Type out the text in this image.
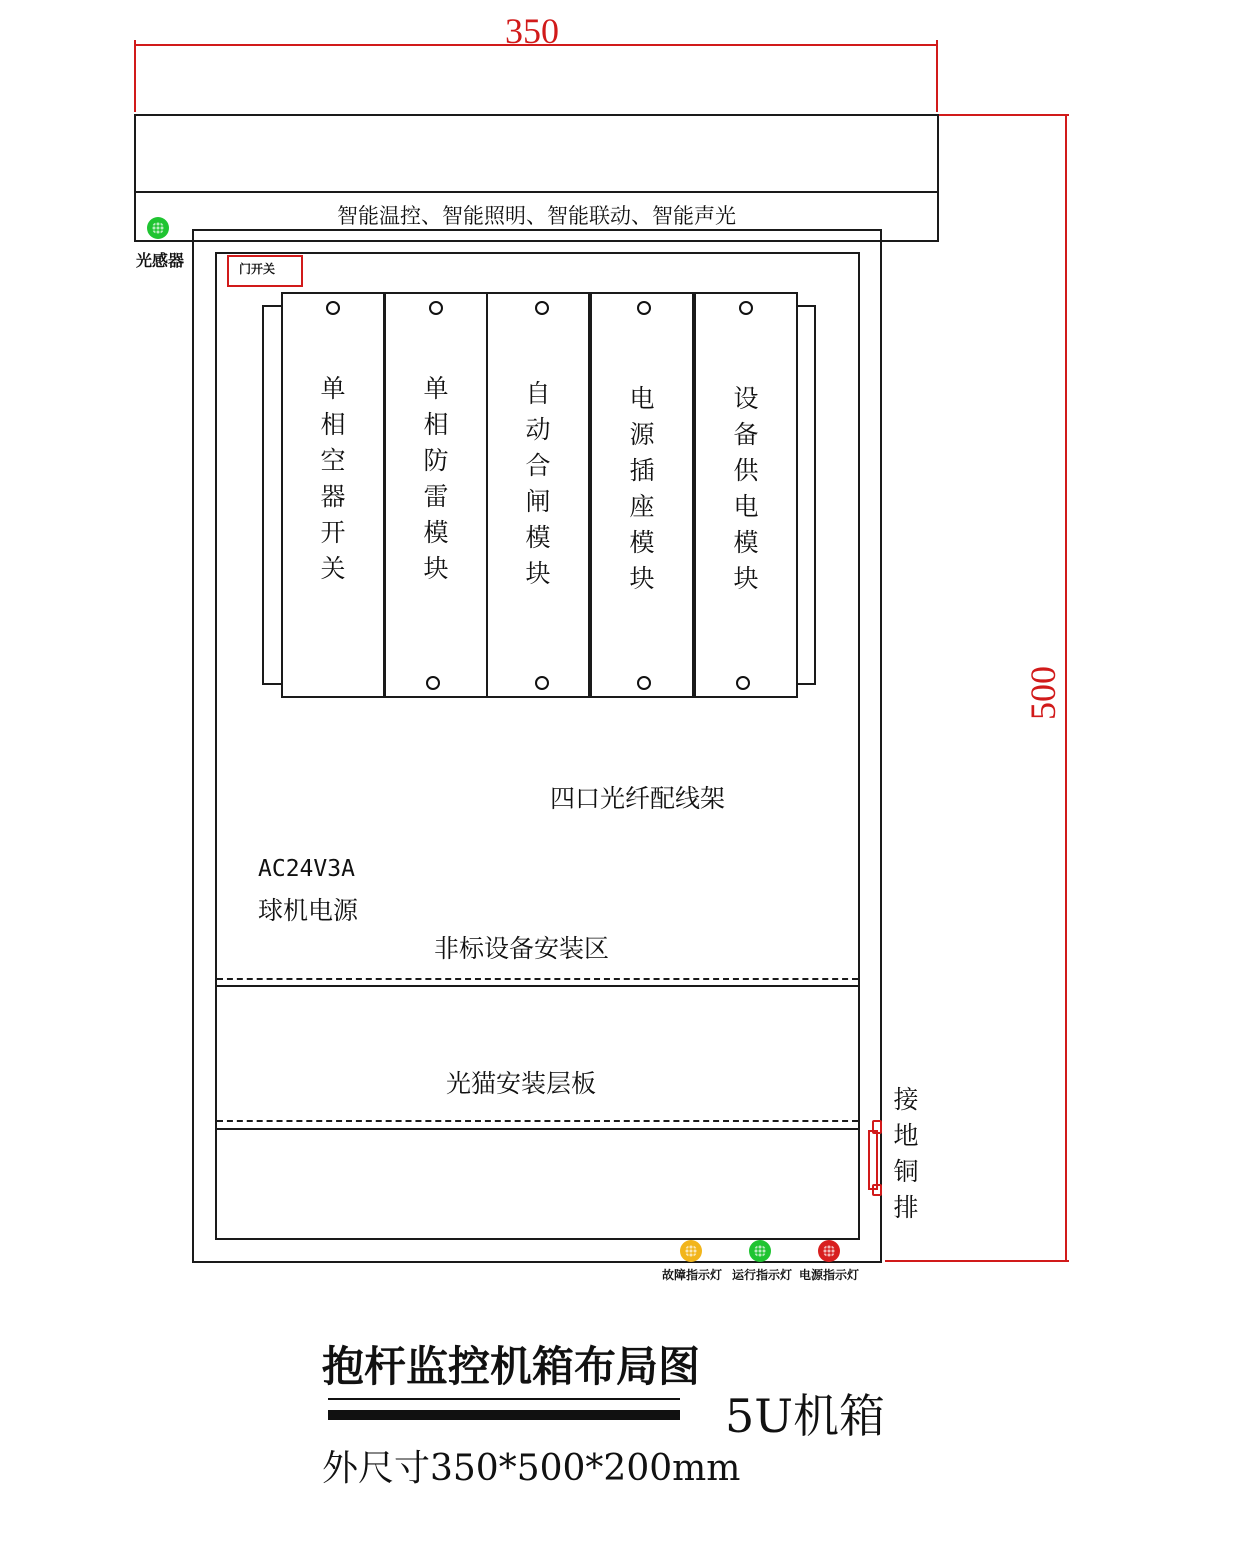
350
500
智能温控、智能照明、智能联动、智能声光
光感器	门开关
单
相
空
器
开
关
单
相
防
雷
模
块
自
动
合
闸
模
块
电
源
插
座
模
块
设
备
供
电
模
块
四口光纤配线架
AC24V3A
球机电源
非标设备安装区
光猫安装层板
接
地
铜
排
故障指示灯 运行指示灯 电源指示灯
抱杆监控机箱布局图
5U机箱
外尺寸350*500*200mm
